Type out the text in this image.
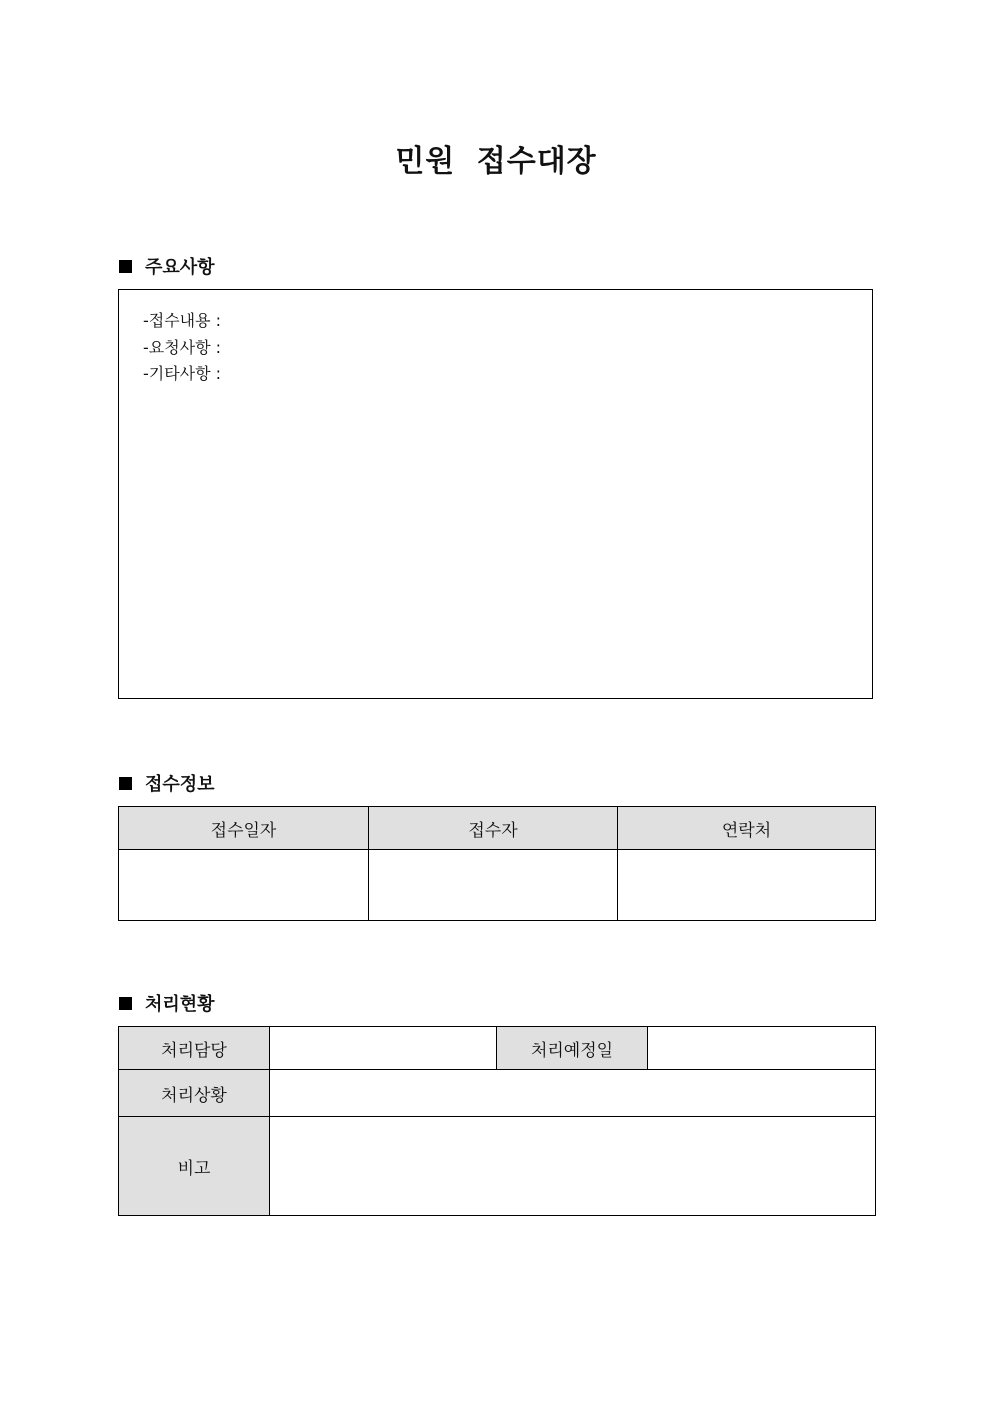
민원 접수대장
주요사항
-접수내용 :
-요청사항 :
-기타사항 :
접수정보
접수일자	접수자	연락처

처리현황
처리담당		처리예정일	
처리상황			
비고			
